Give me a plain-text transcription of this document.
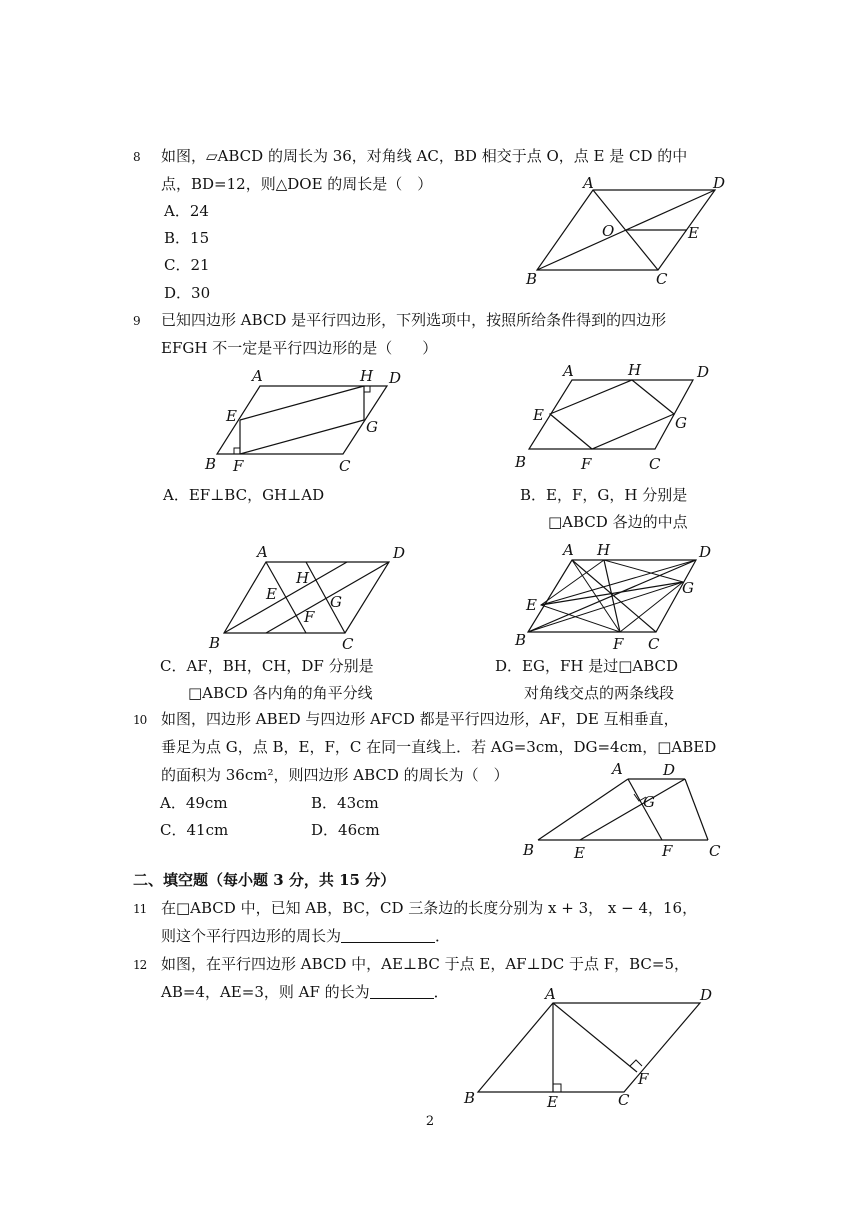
8 如图，▱ABCD 的周长为 36，对角线 AC，BD 相交于点 O，点 E 是 CD 的中
点，BD=12，则△DOE 的周长是（　）
A．24
B．15
C．21
D．30
A	D
O	E
B	C
9 已知四边形 ABCD 是平行四边形，下列选项中，按照所给条件得到的四边形
EFGH 不一定是平行四边形的是（　　）
A	H D
E
G
B F	C
A	H	D
E	G
B	F	C
A．EF⊥BC，GH⊥AD	B．E，F，G，H 分别是
□ABCD 各边的中点
A	D
H
E	G
F
B	C
A H	D
G
E
B	F C
C．AF，BH，CH，DF 分别是
□ABCD 各内角的角平分线
D．EG，FH 是过□ABCD
对角线交点的两条线段
10 如图，四边形 ABED 与四边形 AFCD 都是平行四边形，AF，DE 互相垂直，
垂足为点 G，点 B，E，F，C 在同一直线上．若 AG=3cm，DG=4cm，□ABED
的面积为 36cm²，则四边形 ABCD 的周长为（　）
A．49cm	B．43cm
C．41cm	D．46cm
A	D
G
B	E	F C
二、填空题（每小题 3 分，共 15 分）
11 在□ABCD 中，已知 AB，BC，CD 三条边的长度分别为 x + 3， x − 4，16，
则这个平行四边形的周长为	．
12 如图，在平行四边形 ABCD 中，AE⊥BC 于点 E，AF⊥DC 于点 F，BC=5，
AB=4，AE=3，则 AF 的长为	．	A	D
F
B	E	C
2
